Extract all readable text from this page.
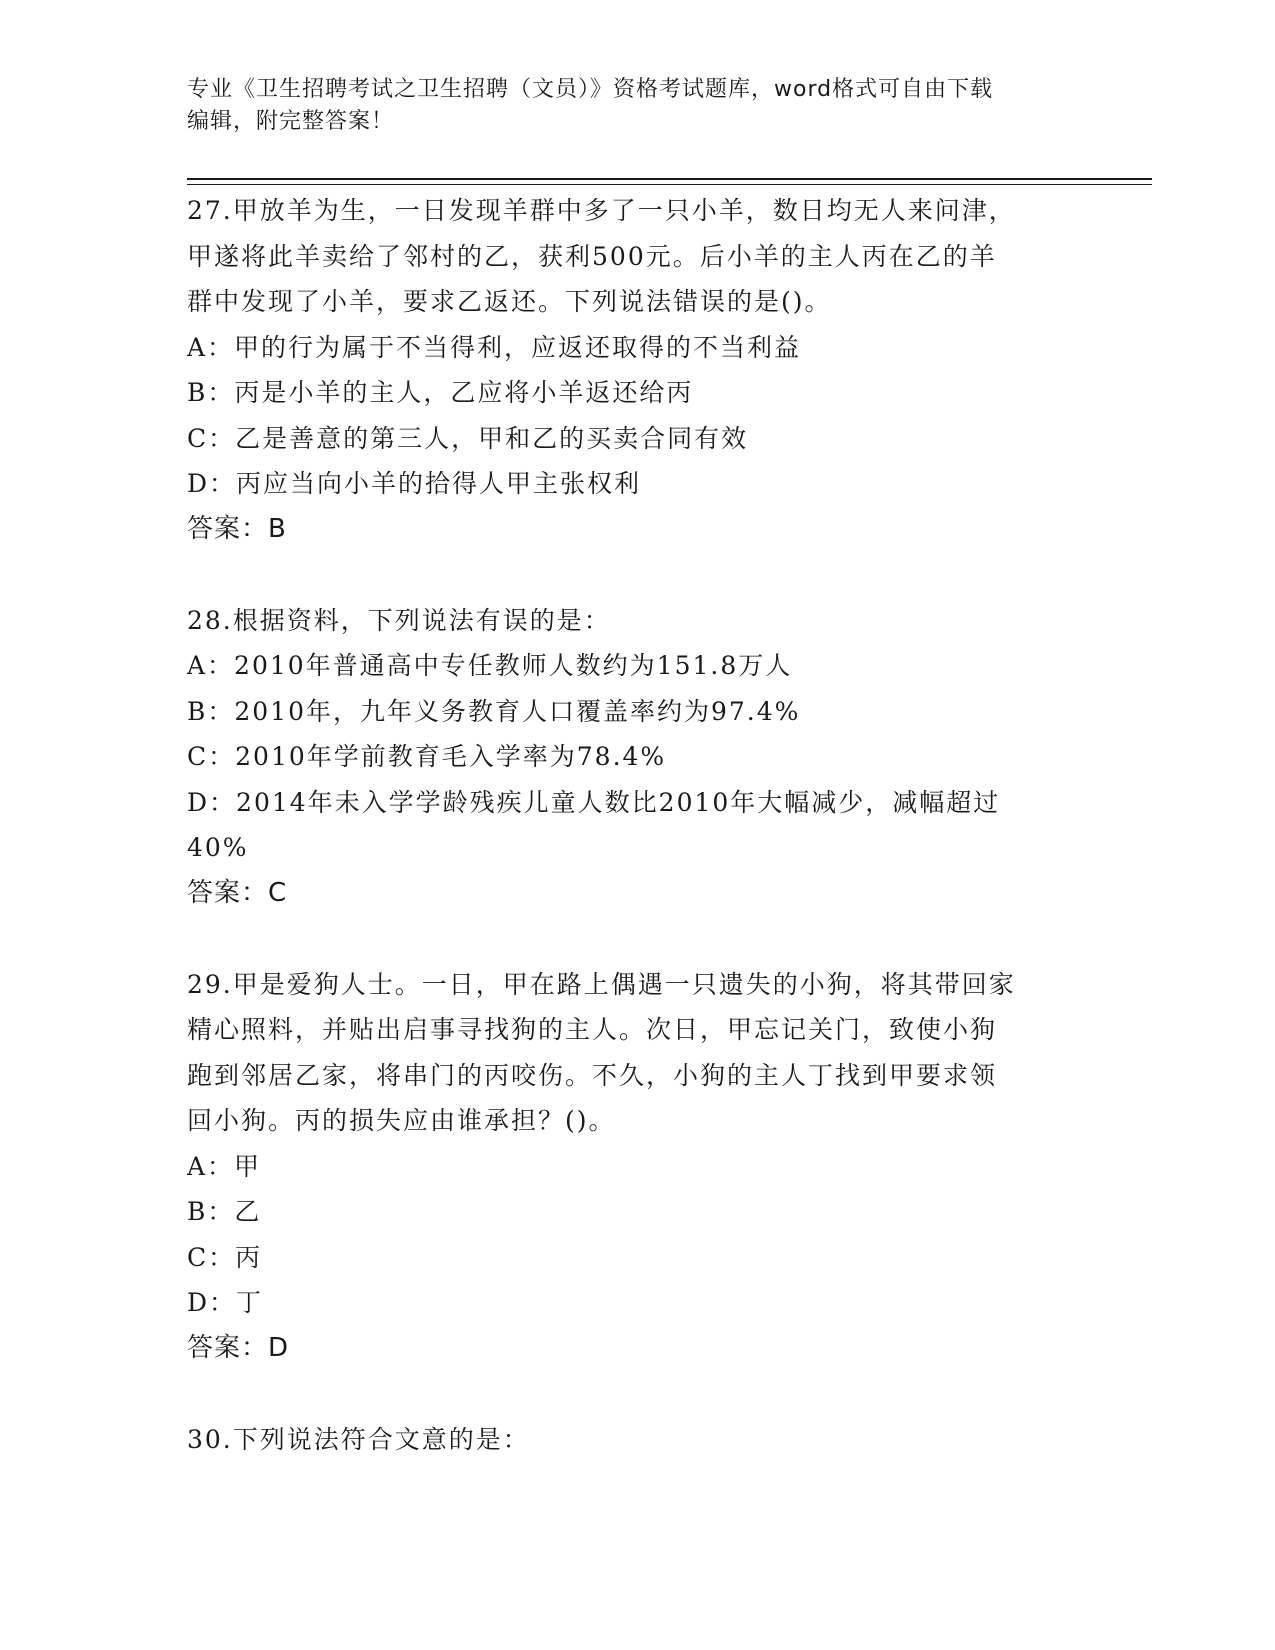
专业《卫生招聘考试之卫生招聘（文员）》资格考试题库，word格式可自由下载
编辑，附完整答案！
27.甲放羊为生，一日发现羊群中多了一只小羊，数日均无人来问津，
甲遂将此羊卖给了邻村的乙，获利500元。后小羊的主人丙在乙的羊
群中发现了小羊，要求乙返还。下列说法错误的是()。
A：甲的行为属于不当得利，应返还取得的不当利益
B：丙是小羊的主人，乙应将小羊返还给丙
C：乙是善意的第三人，甲和乙的买卖合同有效
D：丙应当向小羊的拾得人甲主张权利
答案：B
28.根据资料，下列说法有误的是：
A：2010年普通高中专任教师人数约为151.8万人
B：2010年，九年义务教育人口覆盖率约为97.4%
C：2010年学前教育毛入学率为78.4%
D：2014年未入学学龄残疾儿童人数比2010年大幅减少，减幅超过
40%
答案：C
29.甲是爱狗人士。一日，甲在路上偶遇一只遗失的小狗，将其带回家
精心照料，并贴出启事寻找狗的主人。次日，甲忘记关门，致使小狗
跑到邻居乙家，将串门的丙咬伤。不久，小狗的主人丁找到甲要求领
回小狗。丙的损失应由谁承担？()。
A：甲
B：乙
C：丙
D：丁
答案：D
30.下列说法符合文意的是：
